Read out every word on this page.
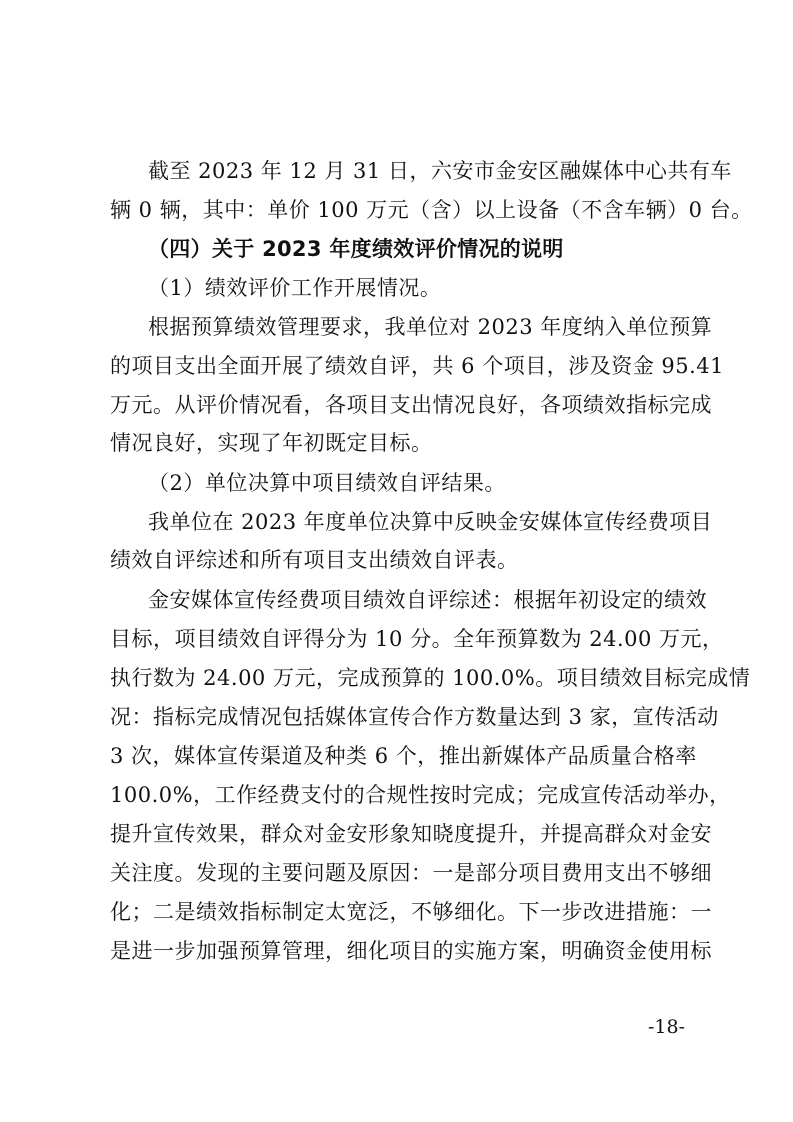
截至 2023 年 12 月 31 日，六安市金安区融媒体中心共有车
辆 0 辆，其中：单价 100 万元（含）以上设备（不含车辆）0 台。
（四）关于 2023 年度绩效评价情况的说明
（1）绩效评价工作开展情况。
根据预算绩效管理要求，我单位对 2023 年度纳入单位预算
的项目支出全面开展了绩效自评，共 6 个项目，涉及资金 95.41
万元。从评价情况看，各项目支出情况良好，各项绩效指标完成
情况良好，实现了年初既定目标。
（2）单位决算中项目绩效自评结果。
我单位在 2023 年度单位决算中反映金安媒体宣传经费项目
绩效自评综述和所有项目支出绩效自评表。
金安媒体宣传经费项目绩效自评综述：根据年初设定的绩效
目标，项目绩效自评得分为 10 分。全年预算数为 24.00 万元，
执行数为 24.00 万元，完成预算的 100.0%。项目绩效目标完成情
况：指标完成情况包括媒体宣传合作方数量达到 3 家，宣传活动
3 次，媒体宣传渠道及种类 6 个，推出新媒体产品质量合格率
100.0%，工作经费支付的合规性按时完成；完成宣传活动举办，
提升宣传效果，群众对金安形象知晓度提升，并提高群众对金安
关注度。发现的主要问题及原因：一是部分项目费用支出不够细
化；二是绩效指标制定太宽泛，不够细化。下一步改进措施：一
是进一步加强预算管理，细化项目的实施方案，明确资金使用标
-18-
